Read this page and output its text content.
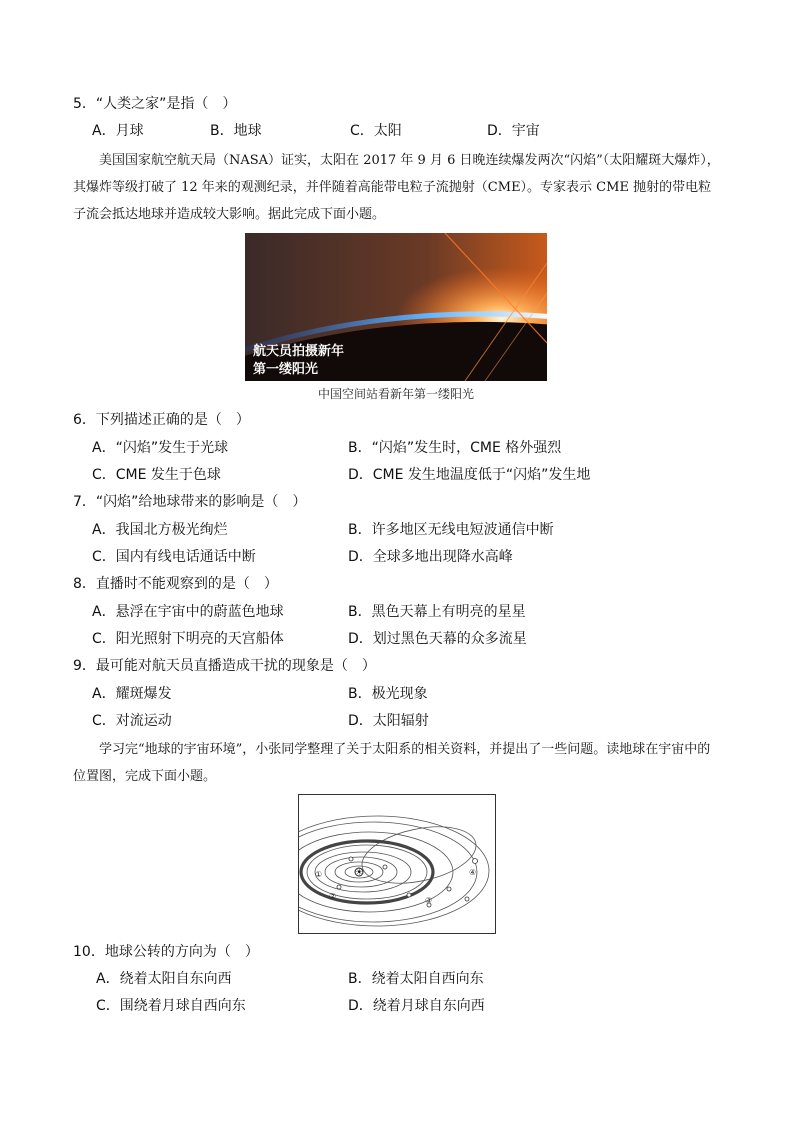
5．“人类之家”是指（　）
A．月球	B．地球	C．太阳	D．宇宙
美国国家航空航天局（NASA）证实，太阳在 2017 年 9 月 6 日晚连续爆发两次“闪焰”（太阳耀斑大爆炸），其爆炸等级打破了 12 年来的观测纪录，并伴随着高能带电粒子流抛射（CME）。专家表示 CME 抛射的带电粒子流会抵达地球并造成较大影响。据此完成下面小题。
航天员拍摄新年
第一缕阳光
中国空间站看新年第一缕阳光
6．下列描述正确的是（　）
A．“闪焰”发生于光球	B．“闪焰”发生时，CME 格外强烈
C．CME 发生于色球	D．CME 发生地温度低于“闪焰”发生地
7．“闪焰”给地球带来的影响是（　）
A．我国北方极光绚烂	B．许多地区无线电短波通信中断
C．国内有线电话通话中断	D．全球多地出现降水高峰
8．直播时不能观察到的是（　）
A．悬浮在宇宙中的蔚蓝色地球	B．黑色天幕上有明亮的星星
C．阳光照射下明亮的天宫船体	D．划过黑色天幕的众多流星
9．最可能对航天员直播造成干扰的现象是（　）
A．耀斑爆发	B．极光现象
C．对流运动	D．太阳辐射
学习完“地球的宇宙环境”，小张同学整理了关于太阳系的相关资料，并提出了一些问题。读地球在宇宙中的位置图，完成下面小题。
☀
①
②	③
④
10．地球公转的方向为（　）
A．绕着太阳自东向西	B．绕着太阳自西向东
C．围绕着月球自西向东	D．绕着月球自东向西
